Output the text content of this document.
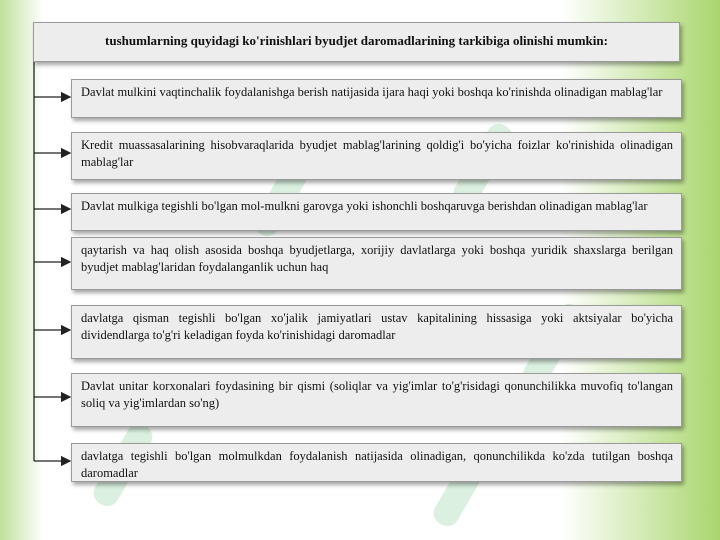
tushumlarning quyidagi ko'rinishlari byudjet daromadlarining tarkibiga olinishi mumkin:
Davlat mulkini vaqtinchalik foydalanishga berish natijasida ijara haqi yoki boshqa ko'rinishda olinadigan mablag'lar
Kredit muassasalarining hisobvaraqlarida byudjet mablag'larining qoldig'i bo'yicha foizlar ko'rinishida olinadigan mablag'lar
Davlat mulkiga tegishli bo'lgan mol-mulkni garovga yoki ishonchli boshqaruvga berishdan olinadigan mablag'lar
qaytarish va haq olish asosida boshqa byudjetlarga, xorijiy davlatlarga yoki boshqa yuridik shaxslarga berilgan byudjet mablag'laridan foydalanganlik uchun haq
davlatga qisman tegishli bo'lgan xo'jalik jamiyatlari ustav kapitalining hissasiga yoki aktsiyalar bo'yicha dividendlarga to'g'ri keladigan foyda ko'rinishidagi daromadlar
Davlat unitar korxonalari foydasining bir qismi (soliqlar va yig'imlar to'g'risidagi qonunchilikka muvofiq to'langan soliq va yig'imlardan so'ng)
davlatga tegishli bo'lgan molmulkdan foydalanish natijasida olinadigan, qonunchilikda ko'zda tutilgan boshqa daromadlar
